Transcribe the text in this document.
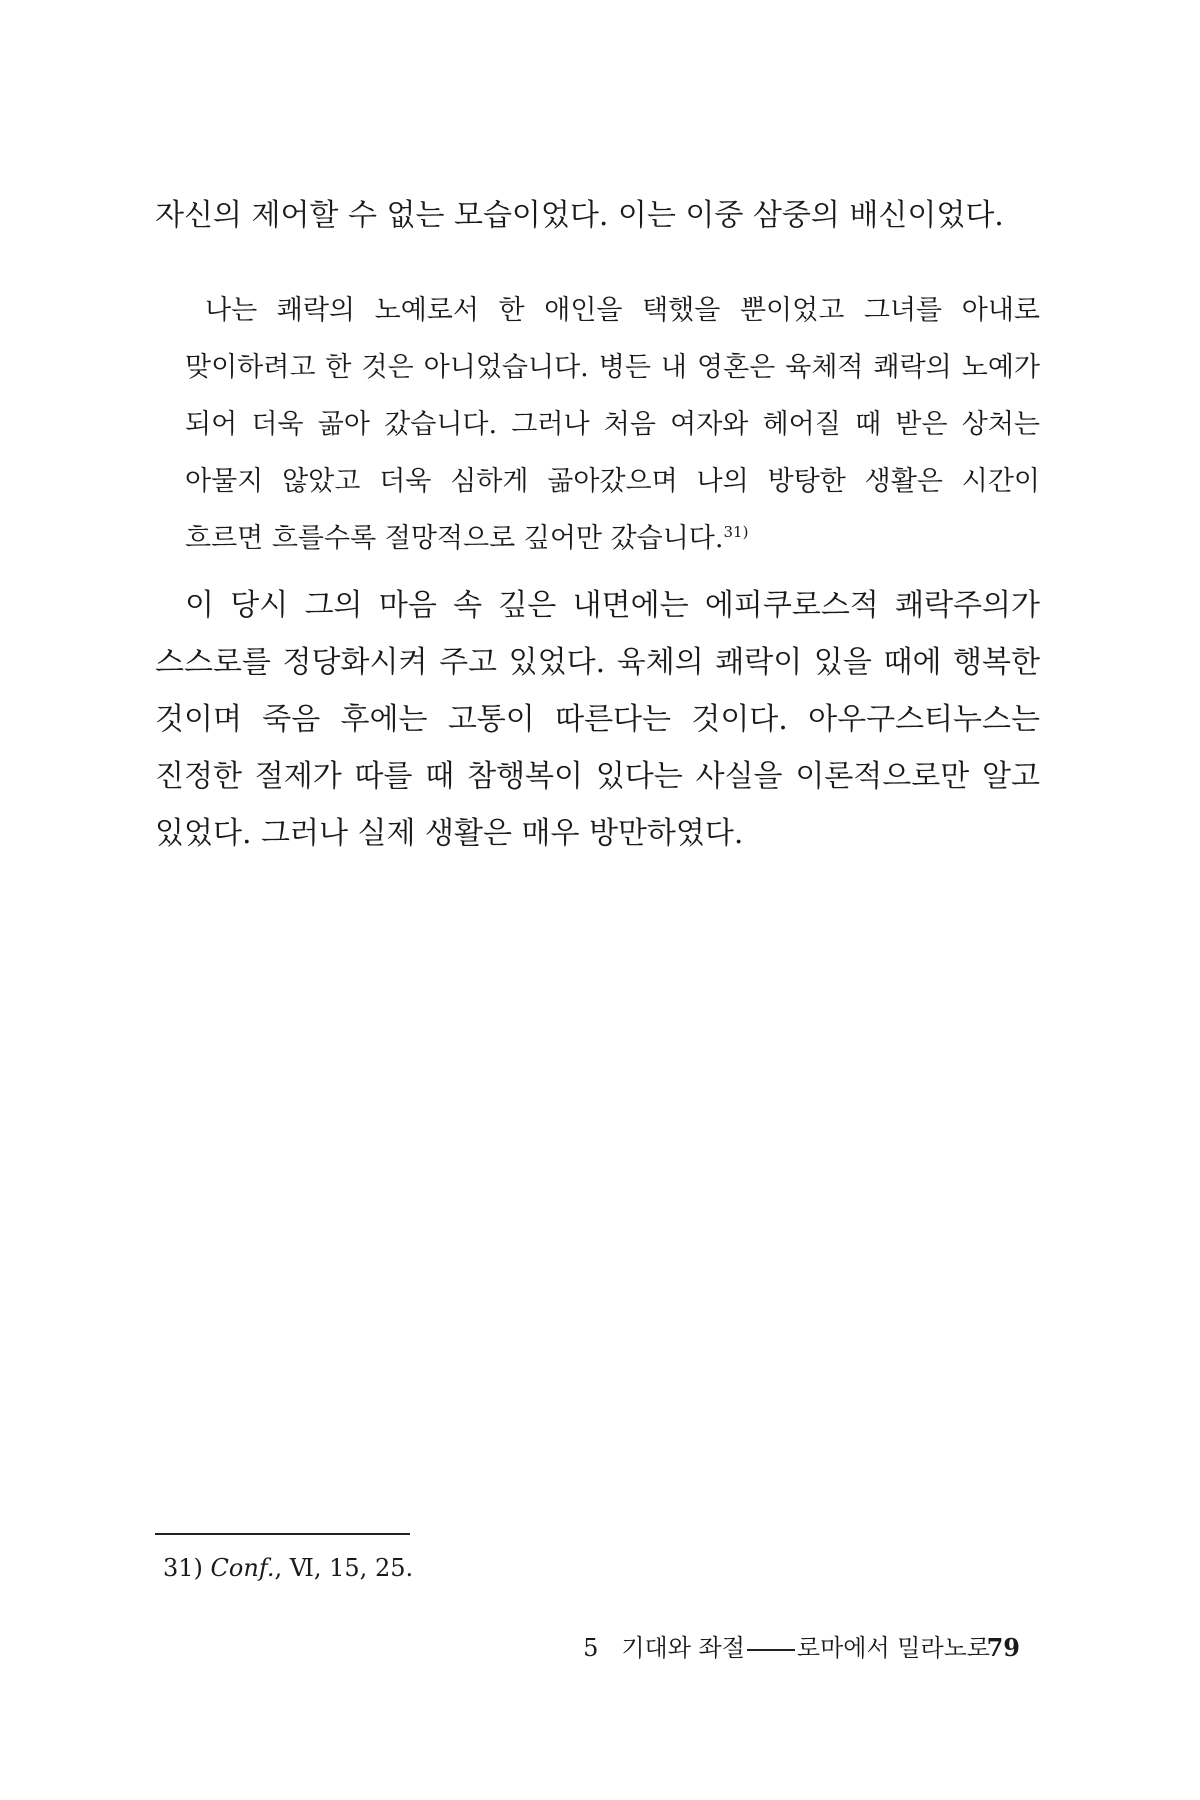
자신의 제어할 수 없는 모습이었다. 이는 이중 삼중의 배신이었다.

나는 쾌락의 노예로서 한 애인을 택했을 뿐이었고 그녀를 아내로 맞이하려고 한 것은 아니었습니다. 병든 내 영혼은 육체적 쾌락의 노예가 되어 더욱 곪아 갔습니다. 그러나 처음 여자와 헤어질 때 받은 상처는 아물지 않았고 더욱 심하게 곪아갔으며 나의 방탕한 생활은 시간이 흐르면 흐를수록 절망적으로 깊어만 갔습니다.$^{31)}$

이 당시 그의 마음 속 깊은 내면에는 에피쿠로스적 쾌락주의가 스스로를 정당화시켜 주고 있었다. 육체의 쾌락이 있을 때에 행복한 것이며 죽음 후에는 고통이 따른다는 것이다. 아우구스티누스는 진정한 절제가 따를 때 참행복이 있다는 사실을 이론적으로만 알고 있었다. 그러나 실제 생활은 매우 방만하였다.

31) Conf., Ⅵ, 15, 25.

5 기대와 좌절 로마에서 밀라노로
79
